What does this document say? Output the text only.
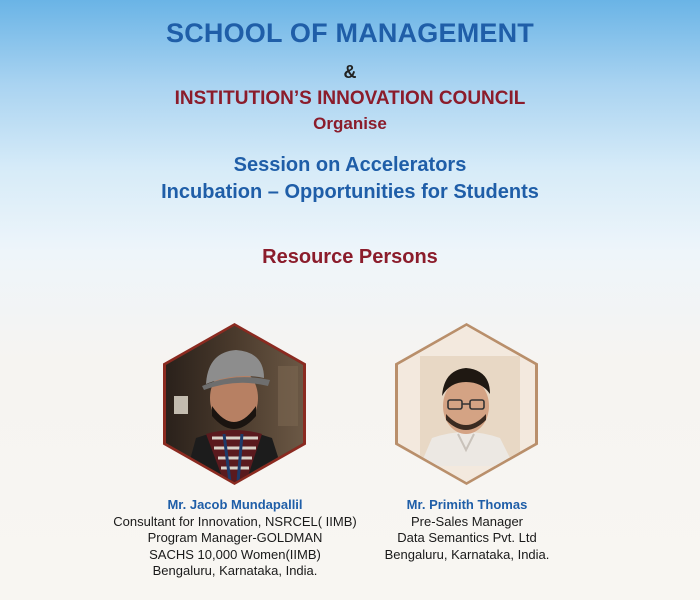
SCHOOL OF MANAGEMENT
&
INSTITUTION’S INNOVATION COUNCIL
Organise
Session on Accelerators
Incubation – Opportunities for Students
Resource Persons
Mr. Jacob Mundapallil
Consultant for Innovation, NSRCEL( IIMB)
Program Manager-GOLDMAN
SACHS 10,000 Women(IIMB)
Bengaluru, Karnataka, India.
Mr. Primith Thomas
Pre-Sales Manager
Data Semantics Pvt. Ltd
Bengaluru, Karnataka, India.
